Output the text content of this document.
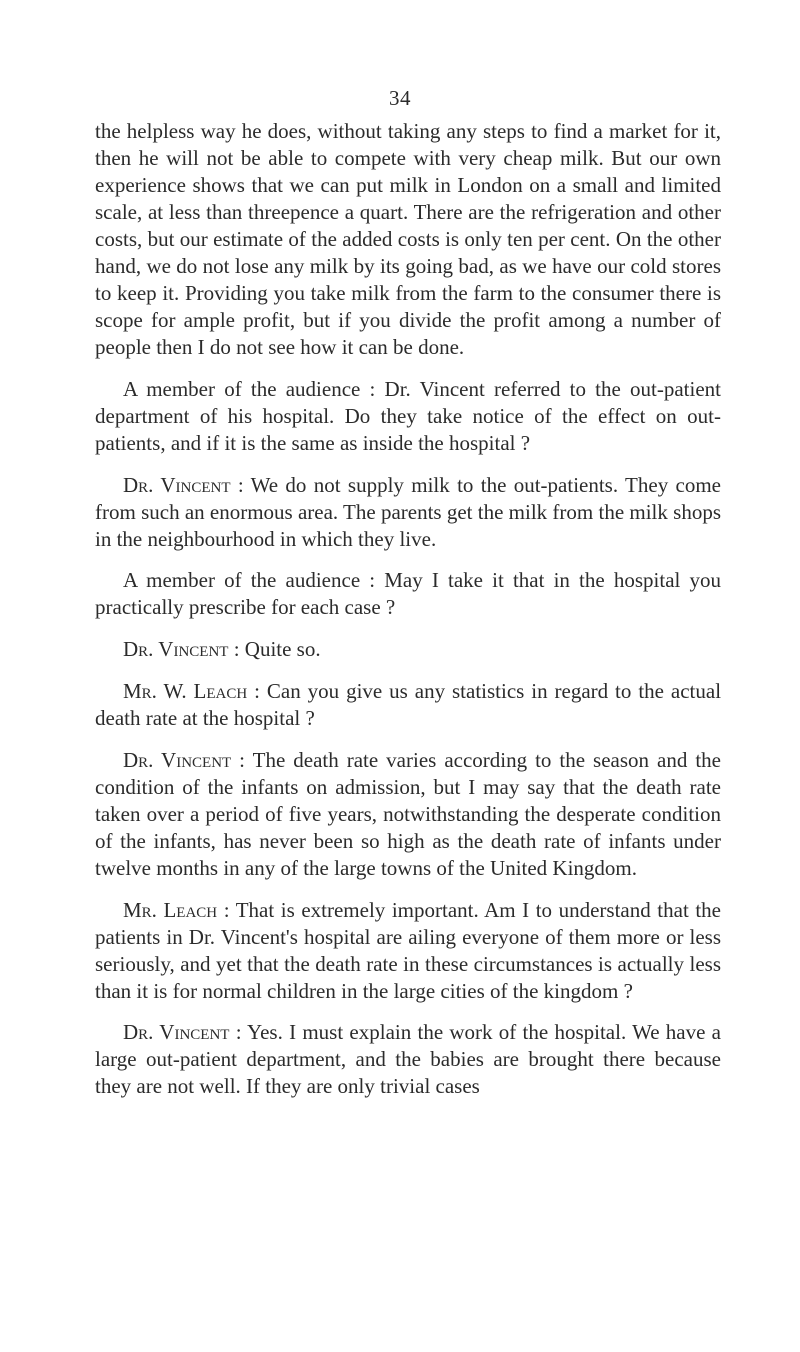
34

the helpless way he does, without taking any steps to find a market for it, then he will not be able to compete with very cheap milk. But our own experience shows that we can put milk in London on a small and limited scale, at less than threepence a quart. There are the refrigeration and other costs, but our estimate of the added costs is only ten per cent. On the other hand, we do not lose any milk by its going bad, as we have our cold stores to keep it. Providing you take milk from the farm to the consumer there is scope for ample profit, but if you divide the profit among a number of people then I do not see how it can be done.

A member of the audience : Dr. Vincent referred to the out-patient department of his hospital. Do they take notice of the effect on out-patients, and if it is the same as inside the hospital ?

Dr. Vincent : We do not supply milk to the out-patients. They come from such an enormous area. The parents get the milk from the milk shops in the neighbourhood in which they live.

A member of the audience : May I take it that in the hospital you practically prescribe for each case ?

Dr. Vincent : Quite so.

Mr. W. Leach : Can you give us any statistics in regard to the actual death rate at the hospital ?

Dr. Vincent : The death rate varies according to the season and the condition of the infants on admission, but I may say that the death rate taken over a period of five years, notwithstanding the desperate condition of the infants, has never been so high as the death rate of infants under twelve months in any of the large towns of the United Kingdom.

Mr. Leach : That is extremely important. Am I to understand that the patients in Dr. Vincent's hospital are ailing everyone of them more or less seriously, and yet that the death rate in these circumstances is actually less than it is for normal children in the large cities of the kingdom ?

Dr. Vincent : Yes. I must explain the work of the hospital. We have a large out-patient department, and the babies are brought there because they are not well. If they are only trivial cases
